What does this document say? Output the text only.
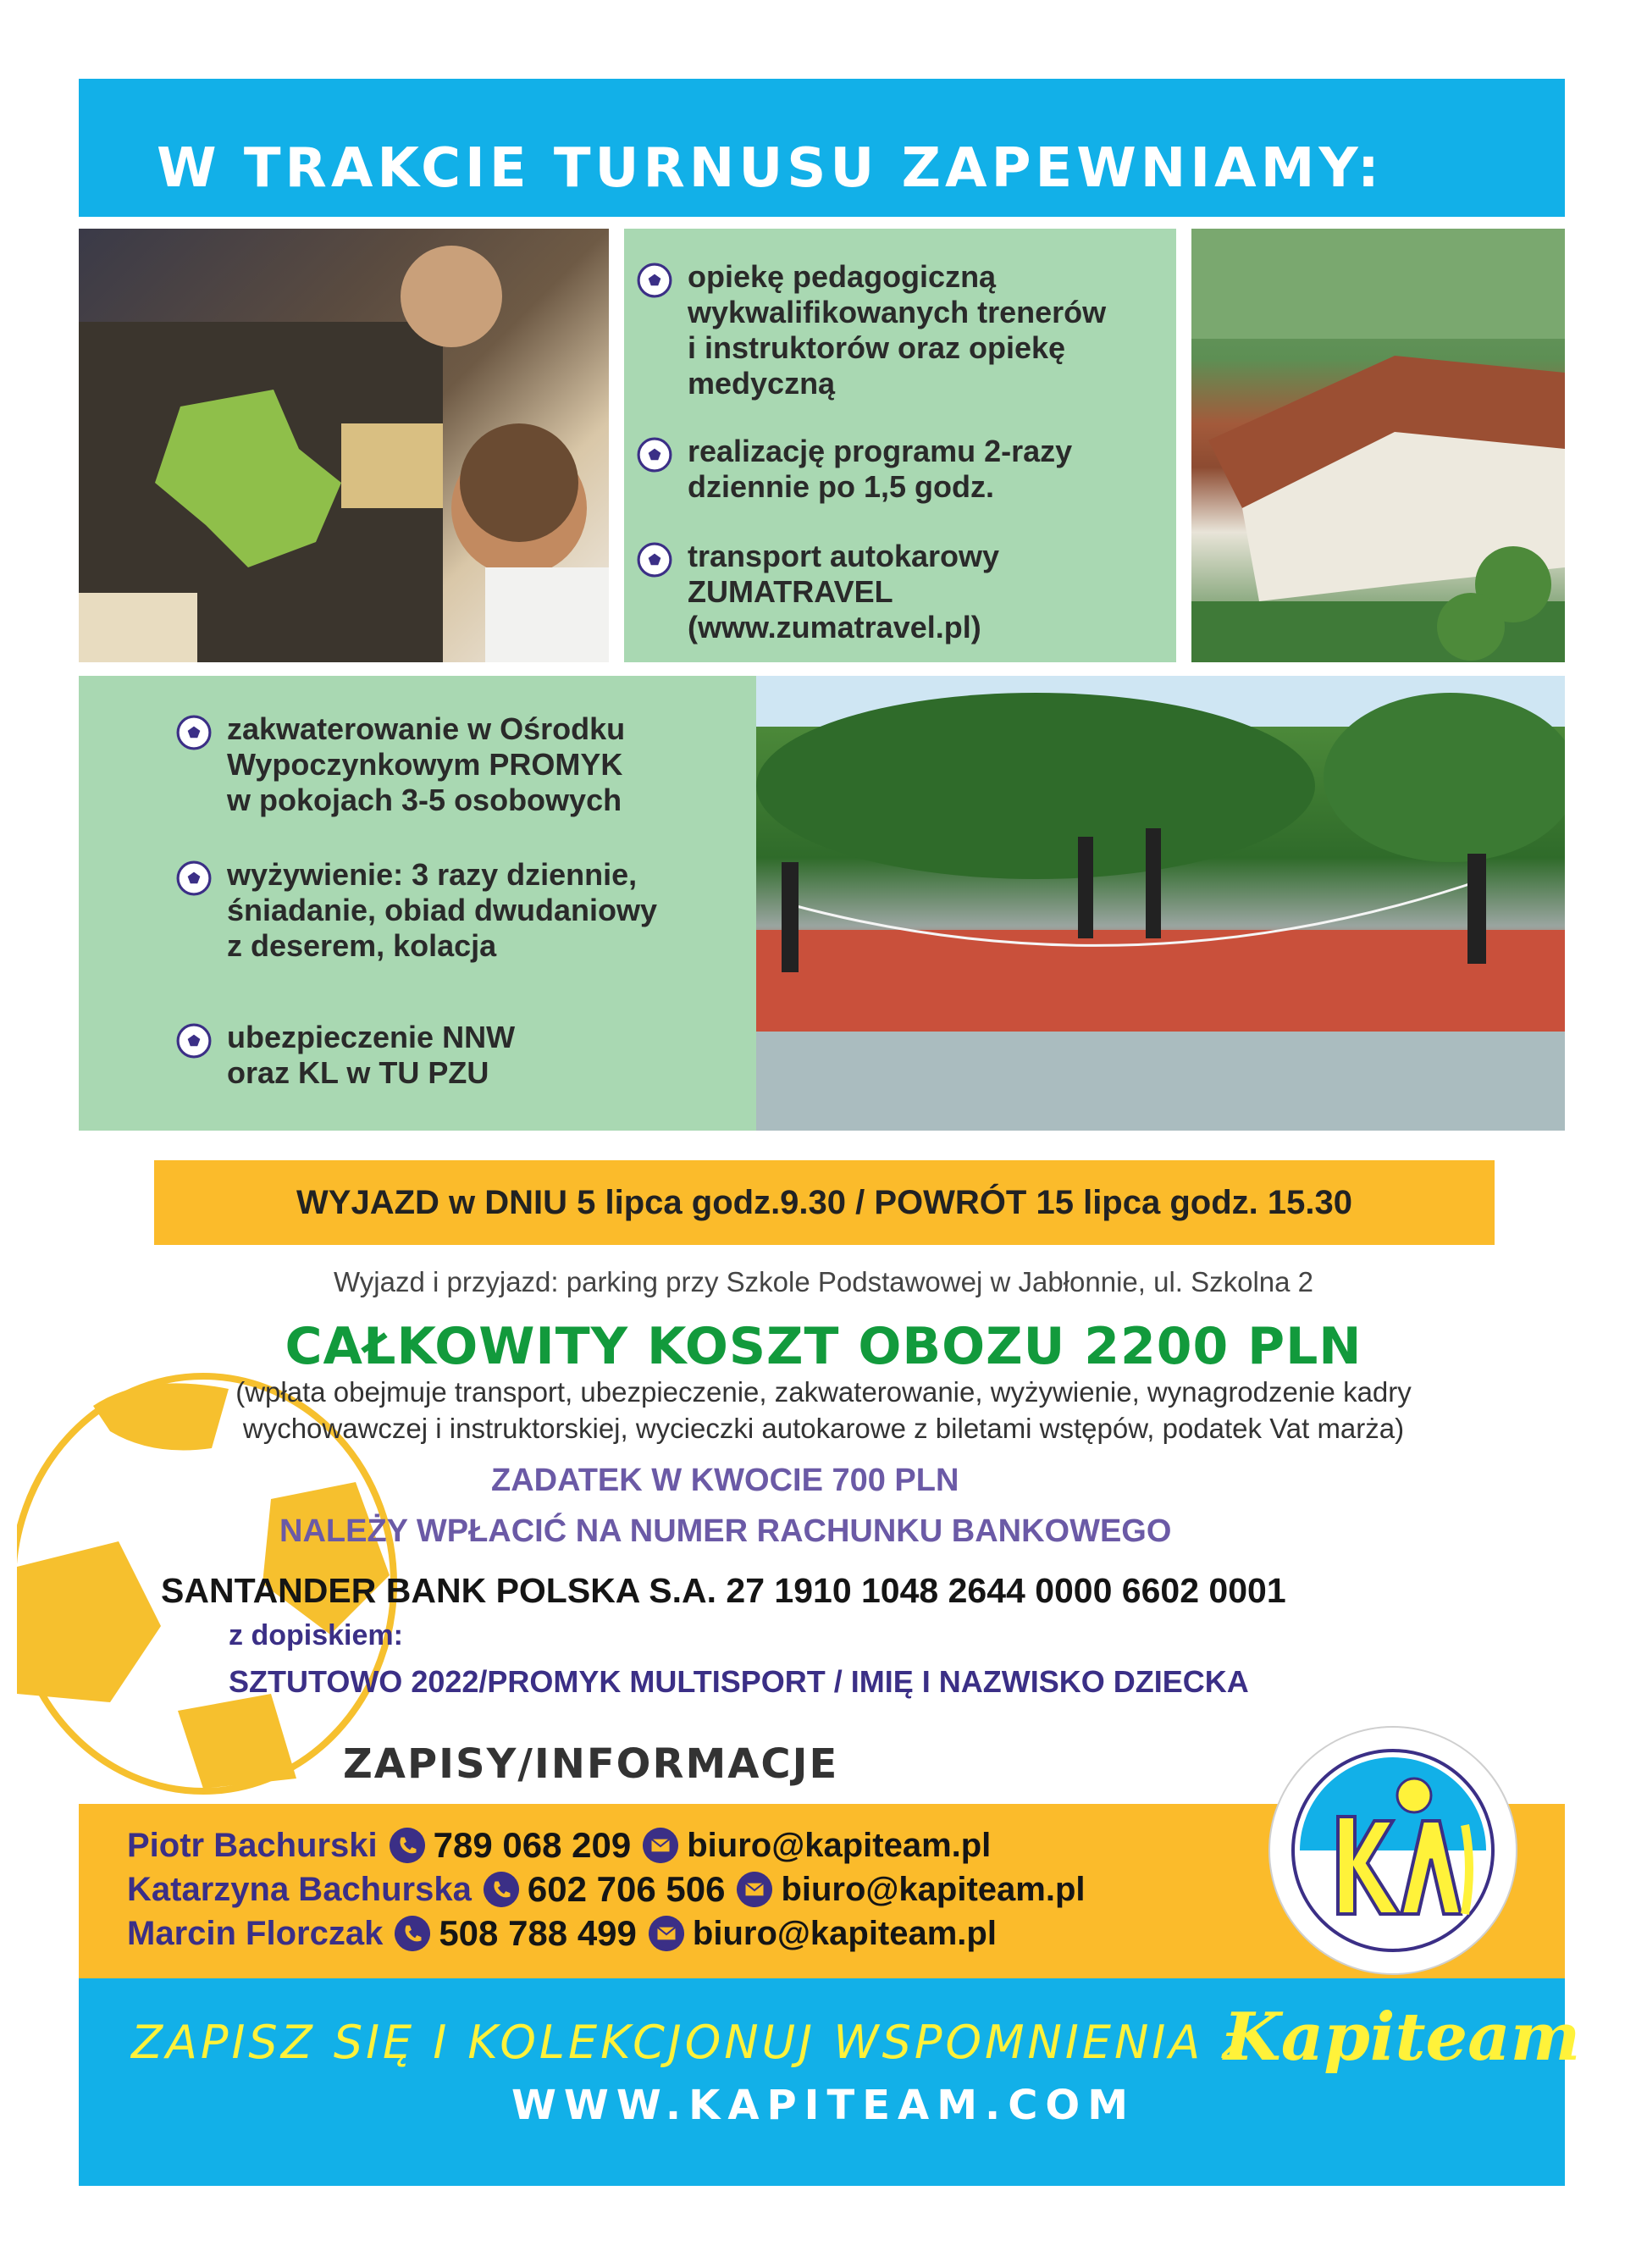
W TRAKCIE TURNUSU ZAPEWNIAMY:
opiekę pedagogiczną
wykwalifikowanych trenerów
i instruktorów oraz opiekę
medyczną
realizację programu 2-razy
dziennie po 1,5 godz.
transport autokarowy
ZUMATRAVEL
(www.zumatravel.pl)
zakwaterowanie w Ośrodku
Wypoczynkowym PROMYK
w pokojach 3-5 osobowych
wyżywienie: 3 razy dziennie,
śniadanie, obiad dwudaniowy
z deserem, kolacja
ubezpieczenie NNW
oraz KL w TU PZU
WYJAZD w DNIU 5 lipca godz.9.30 / POWRÓT 15 lipca godz. 15.30
Wyjazd i przyjazd: parking przy Szkole Podstawowej w Jabłonnie, ul. Szkolna 2
CAŁKOWITY KOSZT OBOZU 2200 PLN
(wpłata obejmuje transport, ubezpieczenie, zakwaterowanie, wyżywienie, wynagrodzenie kadry
wychowawczej i instruktorskiej, wycieczki autokarowe z biletami wstępów, podatek Vat marża)
ZADATEK W KWOCIE 700 PLN
NALEŻY WPŁACIĆ NA NUMER RACHUNKU BANKOWEGO
SANTANDER BANK POLSKA S.A. 27 1910 1048 2644 0000 6602 0001
z dopiskiem:
SZTUTOWO 2022/PROMYK MULTISPORT / IMIĘ I NAZWISKO DZIECKA
ZAPISY/INFORMACJE
Piotr Bachurski 789 068 209 biuro@kapiteam.pl
Katarzyna Bachurska 602 706 506 biuro@kapiteam.pl
Marcin Florczak 508 788 499 biuro@kapiteam.pl
ZAPISZ SIĘ I KOLEKCJONUJ WSPOMNIENIA z
Kapiteam
WWW.KAPITEAM.COM
